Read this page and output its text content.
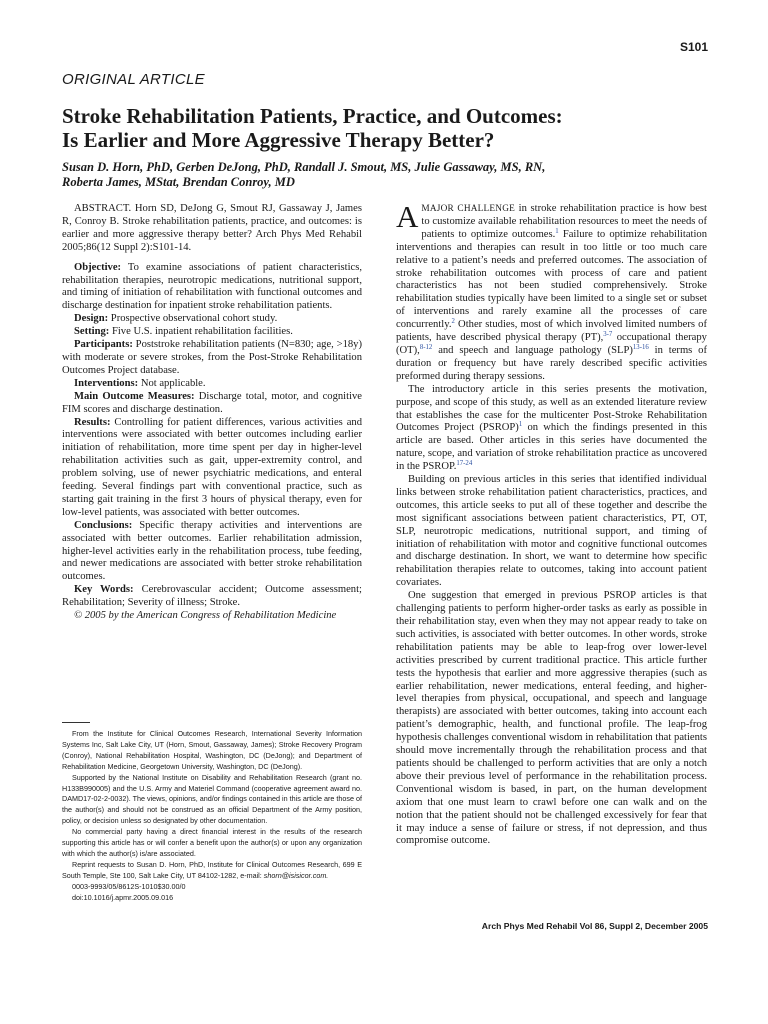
S101
ORIGINAL ARTICLE
Stroke Rehabilitation Patients, Practice, and Outcomes:
Is Earlier and More Aggressive Therapy Better?
Susan D. Horn, PhD, Gerben DeJong, PhD, Randall J. Smout, MS, Julie Gassaway, MS, RN,
Roberta James, MStat, Brendan Conroy, MD

ABSTRACT. Horn SD, DeJong G, Smout RJ, Gassaway J, James R, Conroy B. Stroke rehabilitation patients, practice, and outcomes: is earlier and more aggressive therapy better? Arch Phys Med Rehabil 2005;86(12 Suppl 2):S101-14.

Objective: To examine associations of patient characteristics, rehabilitation therapies, neurotropic medications, nutritional support, and timing of initiation of rehabilitation with functional outcomes and discharge destination for inpatient stroke rehabilitation patients.

Design: Prospective observational cohort study.

Setting: Five U.S. inpatient rehabilitation facilities.

Participants: Poststroke rehabilitation patients (N=830; age, >18y) with moderate or severe strokes, from the Post-Stroke Rehabilitation Outcomes Project database.

Interventions: Not applicable.

Main Outcome Measures: Discharge total, motor, and cognitive FIM scores and discharge destination.

Results: Controlling for patient differences, various activities and interventions were associated with better outcomes including earlier initiation of rehabilitation, more time spent per day in higher-level rehabilitation activities such as gait, upper-extremity control, and problem solving, use of newer psychiatric medications, and enteral feeding. Several findings part with conventional practice, such as starting gait training in the first 3 hours of physical therapy, even for low-level patients, was associated with better outcomes.

Conclusions: Specific therapy activities and interventions are associated with better outcomes. Earlier rehabilitation admission, higher-level activities early in the rehabilitation process, tube feeding, and newer medications are associated with better stroke rehabilitation outcomes.

Key Words: Cerebrovascular accident; Outcome assessment; Rehabilitation; Severity of illness; Stroke.

© 2005 by the American Congress of Rehabilitation Medicine

AMAJOR CHALLENGE in stroke rehabilitation practice is how best to customize available rehabilitation resources to meet the needs of patients to optimize outcomes.$^1$ Failure to optimize rehabilitation interventions and therapies can result in too little or too much care relative to a patient’s needs and preferred outcomes. The association of stroke rehabilitation outcomes with process of care and patient characteristics has not been studied comprehensively. Stroke rehabilitation studies typically have been limited to a single set or subset of interventions and rarely examine all the processes of care concurrently.$^2$ Other studies, most of which involved limited numbers of patients, have described physical therapy (PT),$^{3-7}$ occupational therapy (OT),$^{8-12}$ and speech and language pathology (SLP)$^{13-16}$ in terms of duration or frequency but have rarely described specific activities preformed during therapy sessions.

The introductory article in this series presents the motivation, purpose, and scope of this study, as well as an extended literature review that establishes the case for the multicenter Post-Stroke Rehabilitation Outcomes Project (PSROP)$^1$ on which the findings presented in this article are based. Other articles in this series have documented the nature, scope, and variation of stroke rehabilitation practice as uncovered in the PSROP.$^{17-24}$

Building on previous articles in this series that identified individual links between stroke rehabilitation patient characteristics, practices, and outcomes, this article seeks to put all of these together and describe the most significant associations between patient characteristics, PT, OT, SLP, neurotropic medications, nutritional support, and timing of initiation of rehabilitation with motor and cognitive functional outcomes and discharge destination. In short, we want to determine how specific rehabilitation therapies relate to outcomes, taking into account patient covariates.

One suggestion that emerged in previous PSROP articles is that challenging patients to perform higher-order tasks as early as possible in their rehabilitation stay, even when they may not appear ready to take on such activities, is associated with better outcomes. In other words, stroke rehabilitation patients may be able to leap-frog over lower-level activities prescribed by current traditional practice. This article further tests the hypothesis that earlier and more aggressive therapies (such as earlier rehabilitation, newer medications, enteral feeding, and higher-level therapies from physical, occupational, and speech and language therapists) are associated with better outcomes, taking into account each patient’s demographic, health, and functional profile. The leap-frog hypothesis challenges conventional wisdom in rehabilitation that patients should move incrementally through the rehabilitation process and that patients should be challenged to perform activities that are only a notch above their previous level of performance in the rehabilitation process. Conventional wisdom is based, in part, on the human development axiom that one must learn to crawl before one can walk and on the notion that the patient should not be challenged excessively for fear that it may induce a sense of failure or stress, if not depression, and thus compromise outcome.

From the Institute for Clinical Outcomes Research, International Severity Information Systems Inc, Salt Lake City, UT (Horn, Smout, Gassaway, James); Stroke Recovery Program (Conroy), National Rehabilitation Hospital, Washington, DC (DeJong); and Department of Rehabilitation Medicine, Georgetown University, Washington, DC (DeJong).

Supported by the National Institute on Disability and Rehabilitation Research (grant no. H133B990005) and the U.S. Army and Materiel Command (cooperative agreement award no. DAMD17-02-2-0032). The views, opinions, and/or findings contained in this article are those of the author(s) and should not be construed as an official Department of the Army position, policy, or decision unless so designated by other documentation.

No commercial party having a direct financial interest in the results of the research supporting this article has or will confer a benefit upon the author(s) or upon any organization with which the author(s) is/are associated.

Reprint requests to Susan D. Horn, PhD, Institute for Clinical Outcomes Research, 699 E South Temple, Ste 100, Salt Lake City, UT 84102-1282, e-mail: shorn@isisicor.com.

0003-9993/05/8612S-1010$30.00/0

doi:10.1016/j.apmr.2005.09.016

Arch Phys Med Rehabil Vol 86, Suppl 2, December 2005
